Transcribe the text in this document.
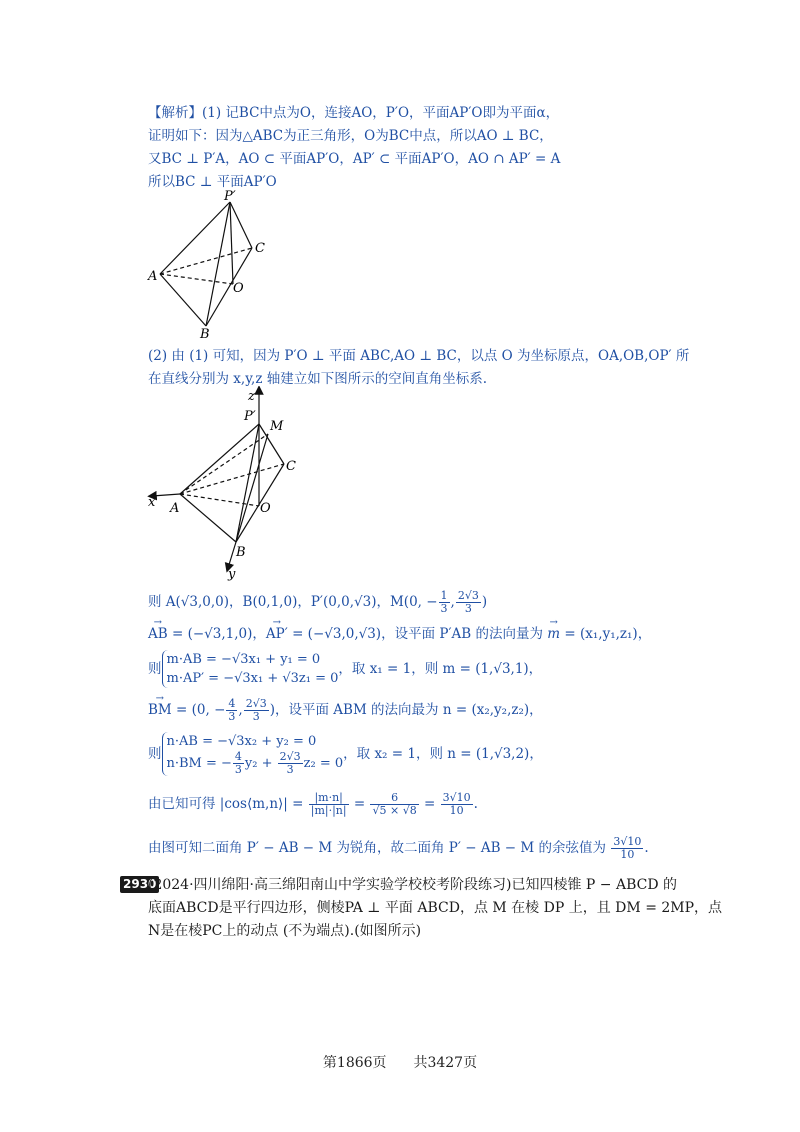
【解析】(1) 记BC中点为O，连接AO，P′O，平面AP′O即为平面α，
证明如下：因为△ABC为正三角形，O为BC中点，所以AO ⊥ BC，
又BC ⊥ P′A，AO ⊂ 平面AP′O，AP′ ⊂ 平面AP′O，AO ∩ AP′ = A
所以BC ⊥ 平面AP′O
P′
C
A
O
B
(2) 由 (1) 可知，因为 P′O ⊥ 平面 ABC,AO ⊥ BC，以点 O 为坐标原点，OA,OB,OP′ 所
在直线分别为 x,y,z 轴建立如下图所示的空间直角坐标系.
z
P′
M
C
x A	O
B
y
则 A(√3,0,0)，B(0,1,0)，P′(0,0,√3)，M(0, − $\frac{1}{3}$ , $\frac{2√3}{3}$ )
→ AB = (−√3,1,0)，→ AP′ = (−√3,0,√3)，设平面 P′AB 的法向量为 → m = (x₁,y₁,z₁)，
则
m·AB = −√3x₁ + y₁ = 0
m·AP′ = −√3x₁ + √3z₁ = 0
，取 x₁ = 1，则 m = (1,√3,1)，
→ BM = (0, − $\frac{4}{3}$ , $\frac{2√3}{3}$ )，设平面 ABM 的法向最为 n = (x₂,y₂,z₂)，
则
n·AB = −√3x₂ + y₂ = 0
n·BM = − $\frac{4}{3} y_2 + \frac{2√3}{3} z_2 = 0$
，取 x₂ = 1，则 n = (1,√3,2)，
由已知可得 |cos⟨m,n⟩| = $\frac{|m\cdot n|}{|m|\cdot|n|} = \frac{6}{√5 \times √8} = \frac{3√10}{10}$ .
由图可知二面角 P′ − AB − M 为锐角，故二面角 P′ − AB − M 的余弦值为 $\frac{3√10}{10}$ .
2930
(2024·四川绵阳·高三绵阳南山中学实验学校校考阶段练习)已知四棱锥 P − ABCD 的
底面ABCD是平行四边形，侧棱PA ⊥ 平面 ABCD，点 M 在棱 DP 上，且 DM = 2MP，点
N是在棱PC上的动点 (不为端点).(如图所示)
第1866页 共3427页
